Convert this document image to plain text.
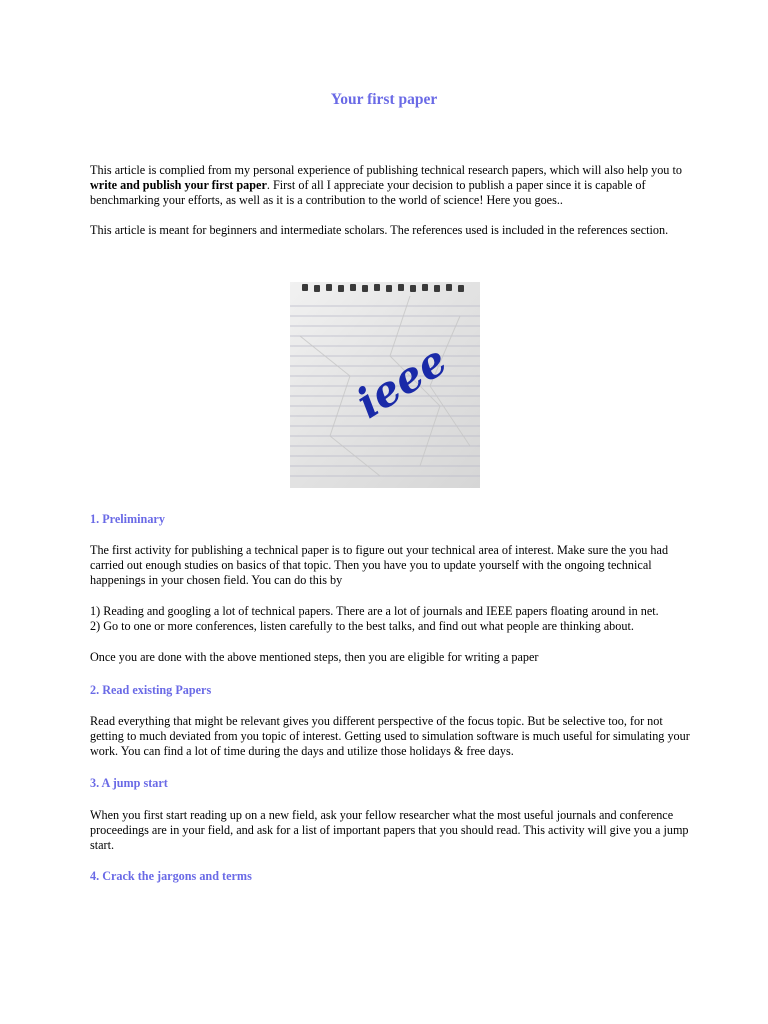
Your first paper

This article is complied from my personal experience of publishing technical research papers, which will also help you to write and publish your first paper. First of all I appreciate your decision to publish a paper since it is capable of benchmarking your efforts, as well as it is a contribution to the world of science! Here you goes..

This article is meant for beginners and intermediate scholars. The references used is included in the references section.

ieee
1. Preliminary

The first activity for publishing a technical paper is to figure out your technical area of interest. Make sure the you had carried out enough studies on basics of that topic. Then you have you to update yourself with the ongoing technical happenings in your chosen field. You can do this by

1) Reading and googling a lot of technical papers. There are a lot of journals and IEEE papers floating around in net.

2) Go to one or more conferences, listen carefully to the best talks, and find out what people are thinking about.

Once you are done with the above mentioned steps, then you are eligible for writing a paper

2. Read existing Papers

Read everything that might be relevant gives you different perspective of the focus topic. But be selective too, for not getting to much deviated from you topic of interest. Getting used to simulation software is much useful for simulating your work. You can find a lot of time during the days and utilize those holidays & free days.

3. A jump start

When you first start reading up on a new field, ask your fellow researcher what the most useful journals and conference proceedings are in your field, and ask for a list of important papers that you should read. This activity will give you a jump start.

4. Crack the jargons and terms
